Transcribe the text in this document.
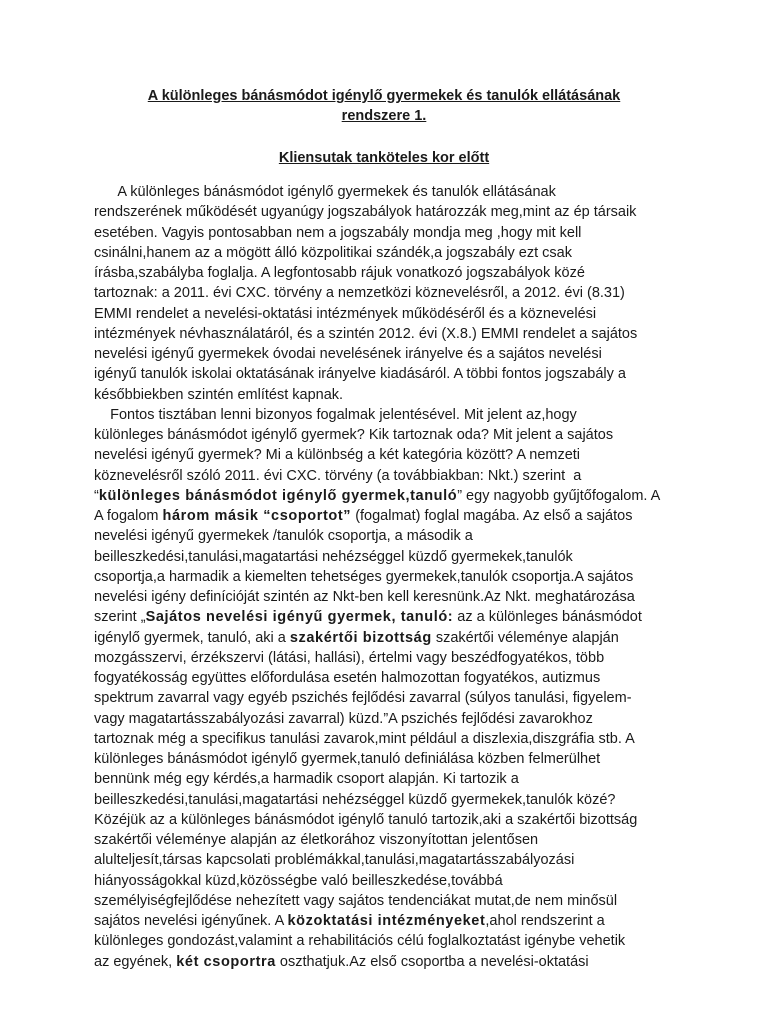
A különleges bánásmódot igénylő gyermekek és tanulók ellátásának
rendszere 1.
Kliensutak tanköteles kor előtt
A különleges bánásmódot igénylő gyermekek és tanulók ellátásának
rendszerének működését ugyanúgy jogszabályok határozzák meg,mint az ép társaik
esetében. Vagyis pontosabban nem a jogszabály mondja meg ,hogy mit kell
csinálni,hanem az a mögött álló közpolitikai szándék,a jogszabály ezt csak
írásba,szabályba foglalja. A legfontosabb rájuk vonatkozó jogszabályok közé
tartoznak: a 2011. évi CXC. törvény a nemzetközi köznevelésről, a 2012. évi (8.31)
EMMI rendelet a nevelési-oktatási intézmények működéséről és a köznevelési
intézmények névhasználatáról, és a szintén 2012. évi (X.8.) EMMI rendelet a sajátos
nevelési igényű gyermekek óvodai nevelésének irányelve és a sajátos nevelési
igényű tanulók iskolai oktatásának irányelve kiadásáról. A többi fontos jogszabály a
későbbiekben szintén említést kapnak.
Fontos tisztában lenni bizonyos fogalmak jelentésével. Mit jelent az,hogy
különleges bánásmódot igénylő gyermek? Kik tartoznak oda? Mit jelent a sajátos
nevelési igényű gyermek? Mi a különbség a két kategória között? A nemzeti
köznevelésről szóló 2011. évi CXC. törvény (a továbbiakban: Nkt.) szerint  a
“különleges bánásmódot igénylő gyermek,tanuló” egy nagyobb gyűjtőfogalom. A
A fogalom három másik “csoportot” (fogalmat) foglal magába. Az első a sajátos
nevelési igényű gyermekek /tanulók csoportja, a második a
beilleszkedési,tanulási,magatartási nehézséggel küzdő gyermekek,tanulók
csoportja,a harmadik a kiemelten tehetséges gyermekek,tanulók csoportja.A sajátos
nevelési igény definícióját szintén az Nkt-ben kell keresnünk.Az Nkt. meghatározása
szerint „Sajátos nevelési igényű gyermek, tanuló: az a különleges bánásmódot
igénylő gyermek, tanuló, aki a szakértői bizottság szakértői véleménye alapján
mozgásszervi, érzékszervi (látási, hallási), értelmi vagy beszédfogyatékos, több
fogyatékosság együttes előfordulása esetén halmozottan fogyatékos, autizmus
spektrum zavarral vagy egyéb pszichés fejlődési zavarral (súlyos tanulási, figyelem-
vagy magatartásszabályozási zavarral) küzd.”A pszichés fejlődési zavarokhoz
tartoznak még a specifikus tanulási zavarok,mint például a diszlexia,diszgráfia stb. A
különleges bánásmódot igénylő gyermek,tanuló definiálása közben felmerülhet
bennünk még egy kérdés,a harmadik csoport alapján. Ki tartozik a
beilleszkedési,tanulási,magatartási nehézséggel küzdő gyermekek,tanulók közé?
Közéjük az a különleges bánásmódot igénylő tanuló tartozik,aki a szakértői bizottság
szakértői véleménye alapján az életkorához viszonyítottan jelentősen
alulteljesít,társas kapcsolati problémákkal,tanulási,magatartásszabályozási
hiányosságokkal küzd,közösségbe való beilleszkedése,továbbá
személyiségfejlődése nehezített vagy sajátos tendenciákat mutat,de nem minősül
sajátos nevelési igényűnek. A közoktatási intézményeket,ahol rendszerint a
különleges gondozást,valamint a rehabilitációs célú foglalkoztatást igénybe vehetik
az egyének, két csoportra oszthatjuk.Az első csoportba a nevelési-oktatási
